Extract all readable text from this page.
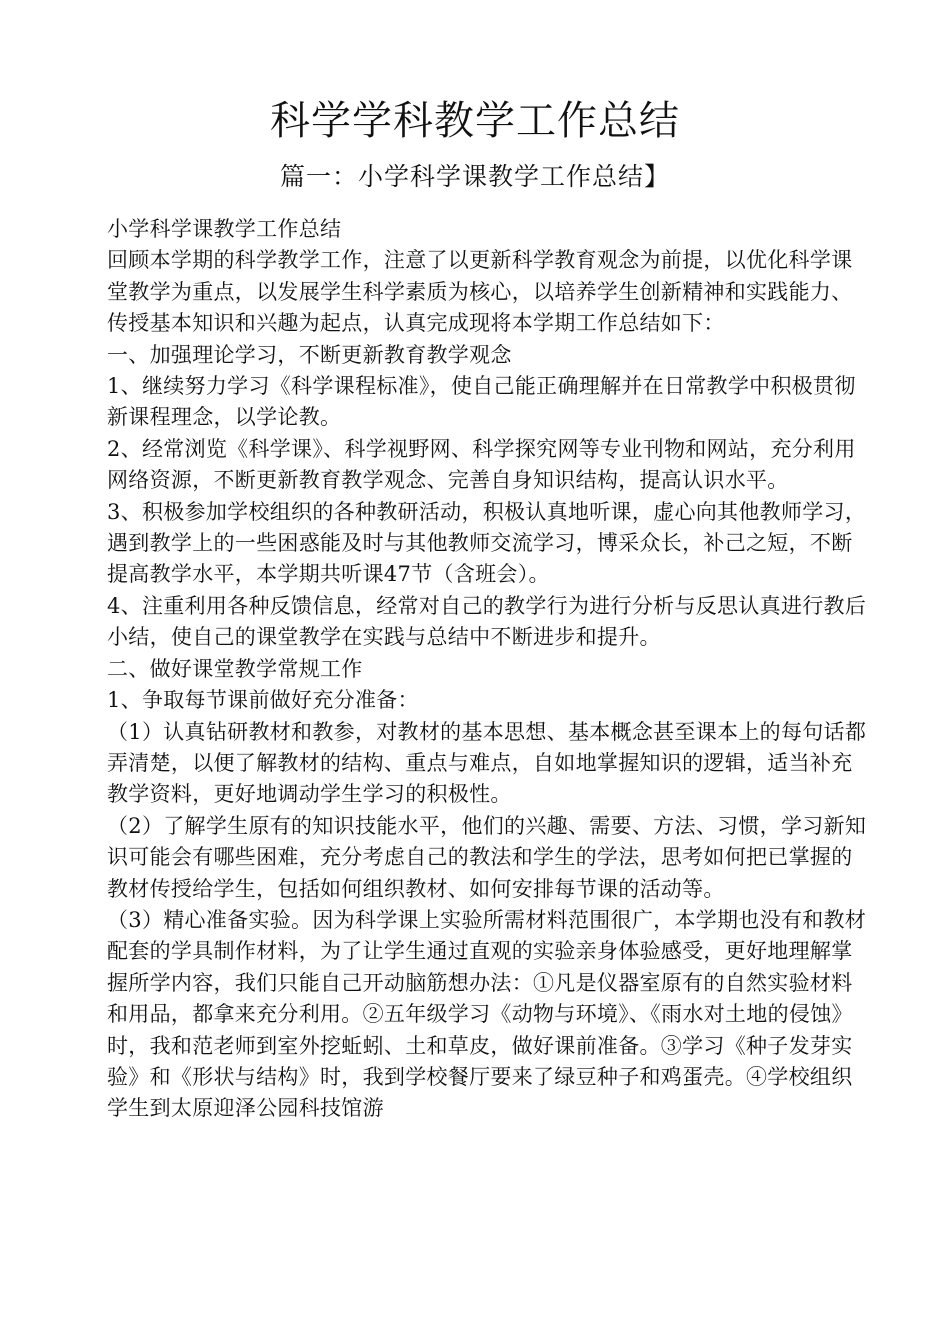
科学学科教学工作总结
篇一：小学科学课教学工作总结】

小学科学课教学工作总结

回顾本学期的科学教学工作，注意了以更新科学教育观念为前提，以优化科学课堂教学为重点，以发展学生科学素质为核心，以培养学生创新精神和实践能力、传授基本知识和兴趣为起点，认真完成现将本学期工作总结如下：

一、加强理论学习，不断更新教育教学观念

1、继续努力学习《科学课程标准》，使自己能正确理解并在日常教学中积极贯彻新课程理念，以学论教。

2、经常浏览《科学课》、科学视野网、科学探究网等专业刊物和网站，充分利用网络资源，不断更新教育教学观念、完善自身知识结构，提高认识水平。

3、积极参加学校组织的各种教研活动，积极认真地听课，虚心向其他教师学习，遇到教学上的一些困惑能及时与其他教师交流学习，博采众长，补己之短，不断提高教学水平，本学期共听课47节（含班会）。

4、注重利用各种反馈信息，经常对自己的教学行为进行分析与反思认真进行教后小结，使自己的课堂教学在实践与总结中不断进步和提升。

二、做好课堂教学常规工作

1、争取每节课前做好充分准备：

（1）认真钻研教材和教参，对教材的基本思想、基本概念甚至课本上的每句话都弄清楚，以便了解教材的结构、重点与难点，自如地掌握知识的逻辑，适当补充教学资料，更好地调动学生学习的积极性。

（2）了解学生原有的知识技能水平，他们的兴趣、需要、方法、习惯，学习新知识可能会有哪些困难，充分考虑自己的教法和学生的学法，思考如何把已掌握的教材传授给学生，包括如何组织教材、如何安排每节课的活动等。

（3）精心准备实验。因为科学课上实验所需材料范围很广，本学期也没有和教材配套的学具制作材料，为了让学生通过直观的实验亲身体验感受，更好地理解掌握所学内容，我们只能自己开动脑筋想办法：①凡是仪器室原有的自然实验材料和用品，都拿来充分利用。②五年级学习《动物与环境》、《雨水对土地的侵蚀》时，我和范老师到室外挖蚯蚓、土和草皮，做好课前准备。③学习《种子发芽实验》和《形状与结构》时，我到学校餐厅要来了绿豆种子和鸡蛋壳。④学校组织学生到太原迎泽公园科技馆游
